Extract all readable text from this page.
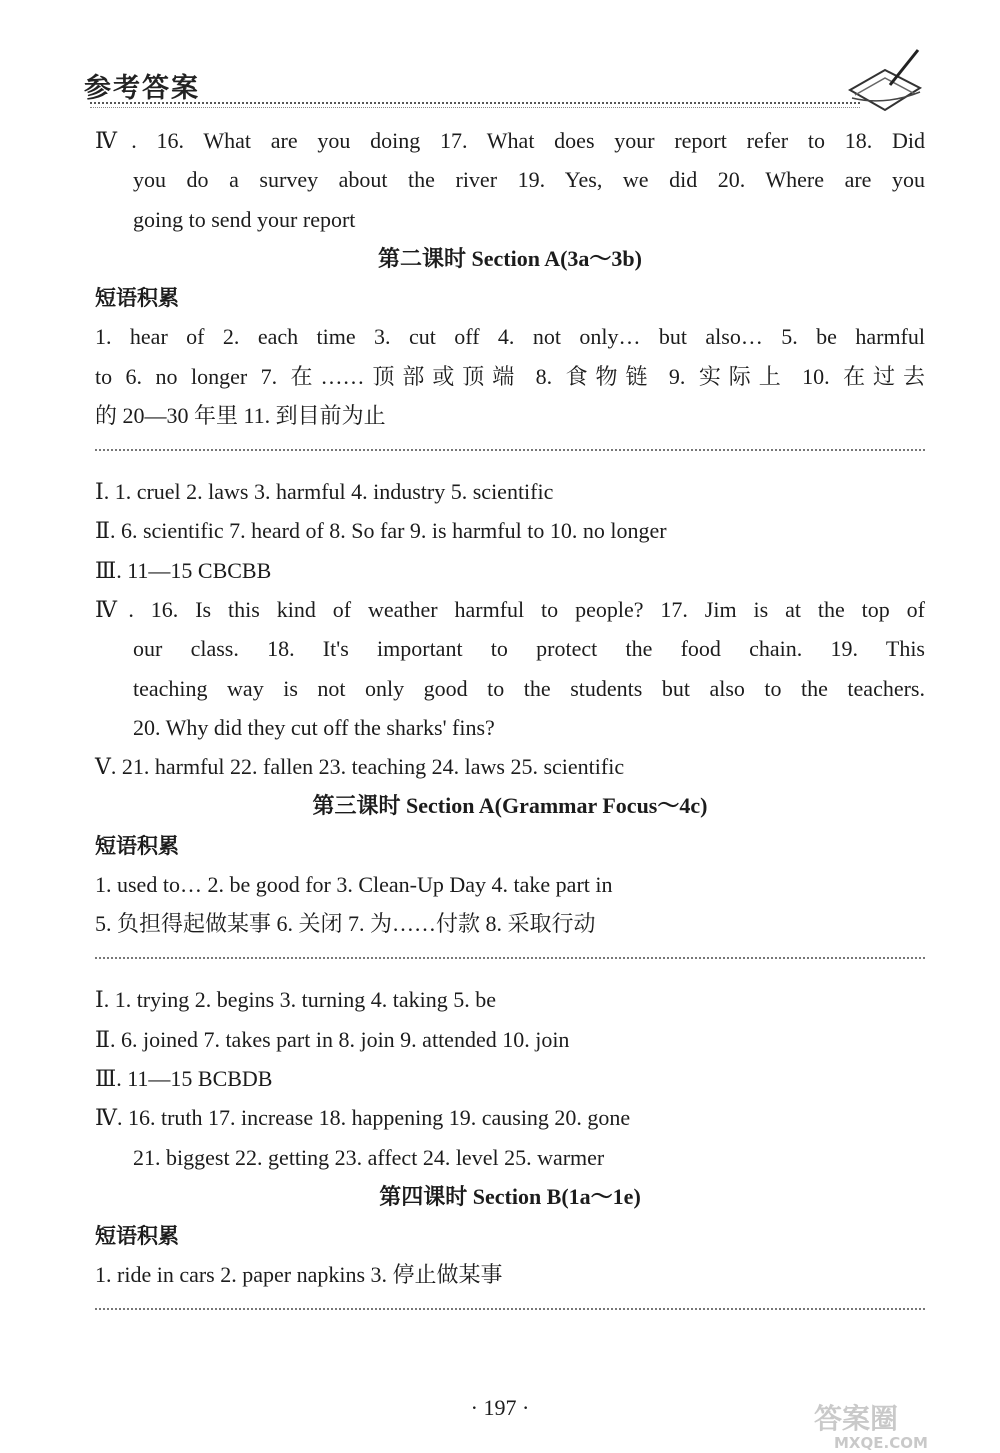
参考答案
Ⅳ. 16. What are you doing 17. What does your report refer to 18. Did
you do a survey about the river 19. Yes, we did 20. Where are you
going to send your report
第二课时 Section A(3a～3b)
短语积累
1. hear of 2. each time 3. cut off 4. not only… but also… 5. be harmful
to 6. no longer 7. 在……顶部或顶端 8. 食物链 9. 实际上 10. 在过去
的 20—30 年里 11. 到目前为止
Ⅰ. 1. cruel 2. laws 3. harmful 4. industry 5. scientific
Ⅱ. 6. scientific 7. heard of 8. So far 9. is harmful to 10. no longer
Ⅲ. 11—15 CBCBB
Ⅳ. 16. Is this kind of weather harmful to people? 17. Jim is at the top of
our class. 18. It's important to protect the food chain. 19. This
teaching way is not only good to the students but also to the teachers.
20. Why did they cut off the sharks' fins?
Ⅴ. 21. harmful 22. fallen 23. teaching 24. laws 25. scientific
第三课时 Section A(Grammar Focus～4c)
短语积累
1. used to… 2. be good for 3. Clean-Up Day 4. take part in
5. 负担得起做某事 6. 关闭 7. 为……付款 8. 采取行动
Ⅰ. 1. trying 2. begins 3. turning 4. taking 5. be
Ⅱ. 6. joined 7. takes part in 8. join 9. attended 10. join
Ⅲ. 11—15 BCBDB
Ⅳ. 16. truth 17. increase 18. happening 19. causing 20. gone
21. biggest 22. getting 23. affect 24. level 25. warmer
第四课时 Section B(1a～1e)
短语积累
1. ride in cars 2. paper napkins 3. 停止做某事
· 197 ·	答案圈
MXQE.COM
